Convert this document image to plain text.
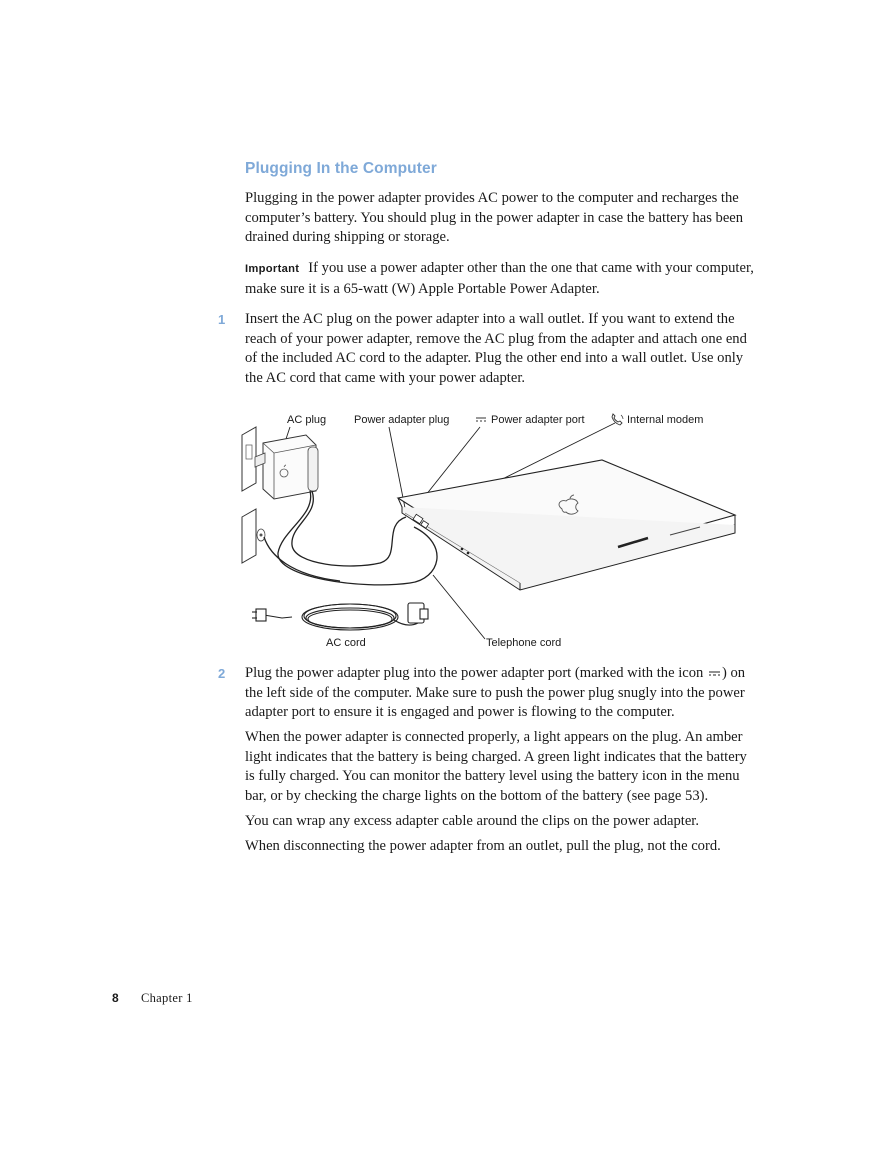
Plugging In the Computer
Plugging in the power adapter provides AC power to the computer and recharges the computer’s battery. You should plug in the power adapter in case the battery has been drained during shipping or storage.
Important If you use a power adapter other than the one that came with your computer, make sure it is a 65-watt (W) Apple Portable Power Adapter.
1 Insert the AC plug on the power adapter into a wall outlet. If you want to extend the reach of your power adapter, remove the AC plug from the adapter and attach one end of the included AC cord to the adapter. Plug the other end into a wall outlet. Use only the AC cord that came with your power adapter.
AC plug	Power adapter plug	Power adapter port	Internal modem
AC cord	Telephone cord
2 Plug the power adapter plug into the power adapter port (marked with the icon ) on the left side of the computer. Make sure to push the power plug snugly into the power adapter port to ensure it is engaged and power is flowing to the computer.
When the power adapter is connected properly, a light appears on the plug. An amber light indicates that the battery is being charged. A green light indicates that the battery is fully charged. You can monitor the battery level using the battery icon in the menu bar, or by checking the charge lights on the bottom of the battery (see page 53).
You can wrap any excess adapter cable around the clips on the power adapter.
When disconnecting the power adapter from an outlet, pull the plug, not the cord.
8 Chapter 1
